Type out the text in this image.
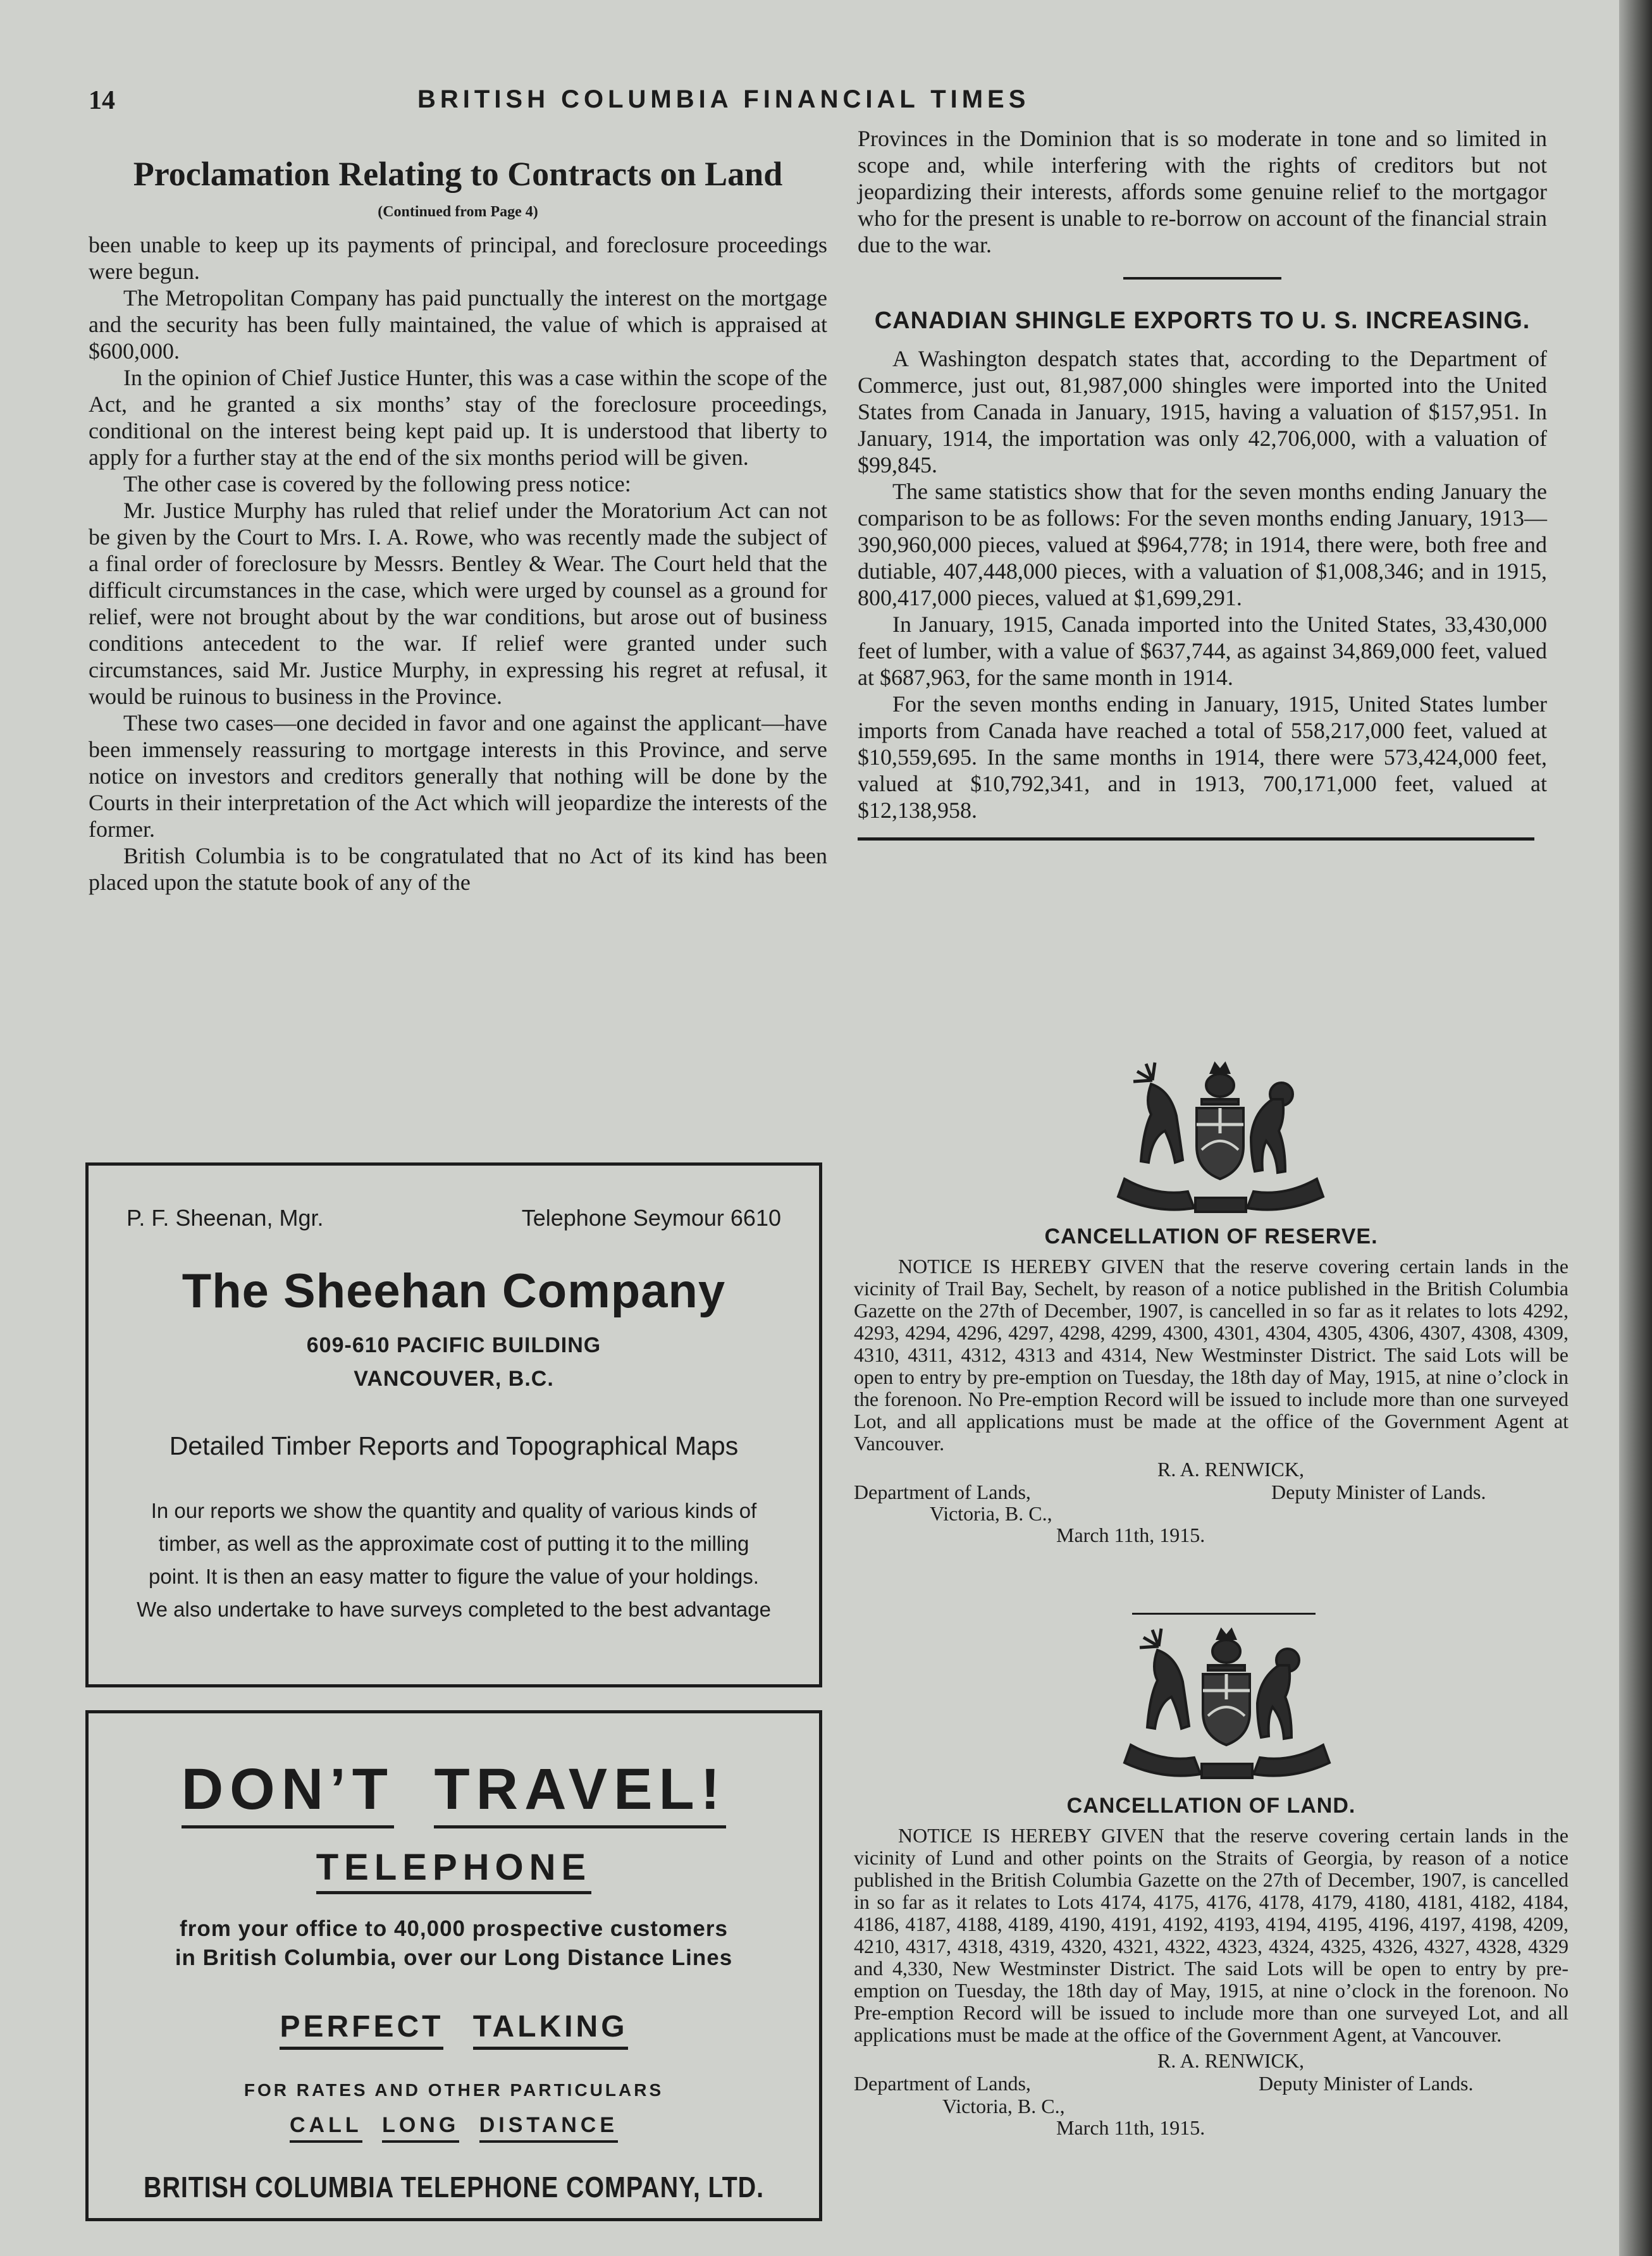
14	BRITISH COLUMBIA FINANCIAL TIMES
Proclamation Relating to Contracts on Land
(Continued from Page 4)

been unable to keep up its payments of principal, and foreclosure proceedings were begun.

The Metropolitan Company has paid punctually the interest on the mortgage and the security has been fully maintained, the value of which is appraised at $600,000.

In the opinion of Chief Justice Hunter, this was a case within the scope of the Act, and he granted a six months’ stay of the foreclosure proceedings, conditional on the interest being kept paid up. It is understood that liberty to apply for a further stay at the end of the six months period will be given.

The other case is covered by the following press notice:

Mr. Justice Murphy has ruled that relief under the Moratorium Act can not be given by the Court to Mrs. I. A. Rowe, who was recently made the subject of a final order of foreclosure by Messrs. Bentley & Wear. The Court held that the difficult circumstances in the case, which were urged by counsel as a ground for relief, were not brought about by the war conditions, but arose out of business conditions antecedent to the war. If relief were granted under such circumstances, said Mr. Justice Murphy, in expressing his regret at refusal, it would be ruinous to business in the Province.

These two cases—one decided in favor and one against the applicant—have been immensely reassuring to mortgage interests in this Province, and serve notice on investors and creditors generally that nothing will be done by the Courts in their interpretation of the Act which will jeopardize the interests of the former.

British Columbia is to be congratulated that no Act of its kind has been placed upon the statute book of any of the

Provinces in the Dominion that is so moderate in tone and so limited in scope and, while interfering with the rights of creditors but not jeopardizing their interests, affords some genuine relief to the mortgagor who for the present is unable to re-borrow on account of the financial strain due to the war.

CANADIAN SHINGLE EXPORTS TO U. S. INCREASING.

A Washington despatch states that, according to the Department of Commerce, just out, 81,987,000 shingles were imported into the United States from Canada in January, 1915, having a valuation of $157,951. In January, 1914, the importation was only 42,706,000, with a valuation of $99,845.

The same statistics show that for the seven months ending January the comparison to be as follows: For the seven months ending January, 1913—390,960,000 pieces, valued at $964,778; in 1914, there were, both free and dutiable, 407,448,000 pieces, with a valuation of $1,008,346; and in 1915, 800,417,000 pieces, valued at $1,699,291.

In January, 1915, Canada imported into the United States, 33,430,000 feet of lumber, with a value of $637,744, as against 34,869,000 feet, valued at $687,963, for the same month in 1914.

For the seven months ending in January, 1915, United States lumber imports from Canada have reached a total of 558,217,000 feet, valued at $10,559,695. In the same months in 1914, there were 573,424,000 feet, valued at $10,792,341, and in 1913, 700,171,000 feet, valued at $12,138,958.

P. F. Sheenan, Mgr.	Telephone Seymour 6610
The Sheehan Company
609-610 PACIFIC BUILDING
VANCOUVER, B.C.
Detailed Timber Reports and Topographical Maps
In our reports we show the quantity and quality of various kinds of timber, as well as the approximate cost of putting it to the milling point. It is then an easy matter to figure the value of your holdings. We also undertake to have surveys completed to the best advantage
DON’T TRAVEL!
TELEPHONE
from your office to 40,000 prospective customers
in British Columbia, over our Long Distance Lines
PERFECT TALKING
FOR RATES AND OTHER PARTICULARS
CALL LONG DISTANCE
BRITISH COLUMBIA TELEPHONE COMPANY, LTD.
CANCELLATION OF RESERVE.

NOTICE IS HEREBY GIVEN that the reserve covering certain lands in the vicinity of Trail Bay, Sechelt, by reason of a notice published in the British Columbia Gazette on the 27th of December, 1907, is cancelled in so far as it relates to lots 4292, 4293, 4294, 4296, 4297, 4298, 4299, 4300, 4301, 4304, 4305, 4306, 4307, 4308, 4309, 4310, 4311, 4312, 4313 and 4314, New Westminster District. The said Lots will be open to entry by pre-emption on Tuesday, the 18th day of May, 1915, at nine o’clock in the forenoon. No Pre-emption Record will be issued to include more than one surveyed Lot, and all applications must be made at the office of the Government Agent at Vancouver.

R. A. RENWICK,
Department of Lands,	Deputy Minister of Lands.
Victoria, B. C.,
March 11th, 1915.
CANCELLATION OF LAND.

NOTICE IS HEREBY GIVEN that the reserve covering certain lands in the vicinity of Lund and other points on the Straits of Georgia, by reason of a notice published in the British Columbia Gazette on the 27th of December, 1907, is cancelled in so far as it relates to Lots 4174, 4175, 4176, 4178, 4179, 4180, 4181, 4182, 4184, 4186, 4187, 4188, 4189, 4190, 4191, 4192, 4193, 4194, 4195, 4196, 4197, 4198, 4209, 4210, 4317, 4318, 4319, 4320, 4321, 4322, 4323, 4324, 4325, 4326, 4327, 4328, 4329 and 4,330, New Westminster District. The said Lots will be open to entry by pre-emption on Tuesday, the 18th day of May, 1915, at nine o’clock in the forenoon. No Pre-emption Record will be issued to include more than one surveyed Lot, and all applications must be made at the office of the Government Agent, at Vancouver.

R. A. RENWICK,
Department of Lands,	Deputy Minister of Lands.
Victoria, B. C.,
March 11th, 1915.
